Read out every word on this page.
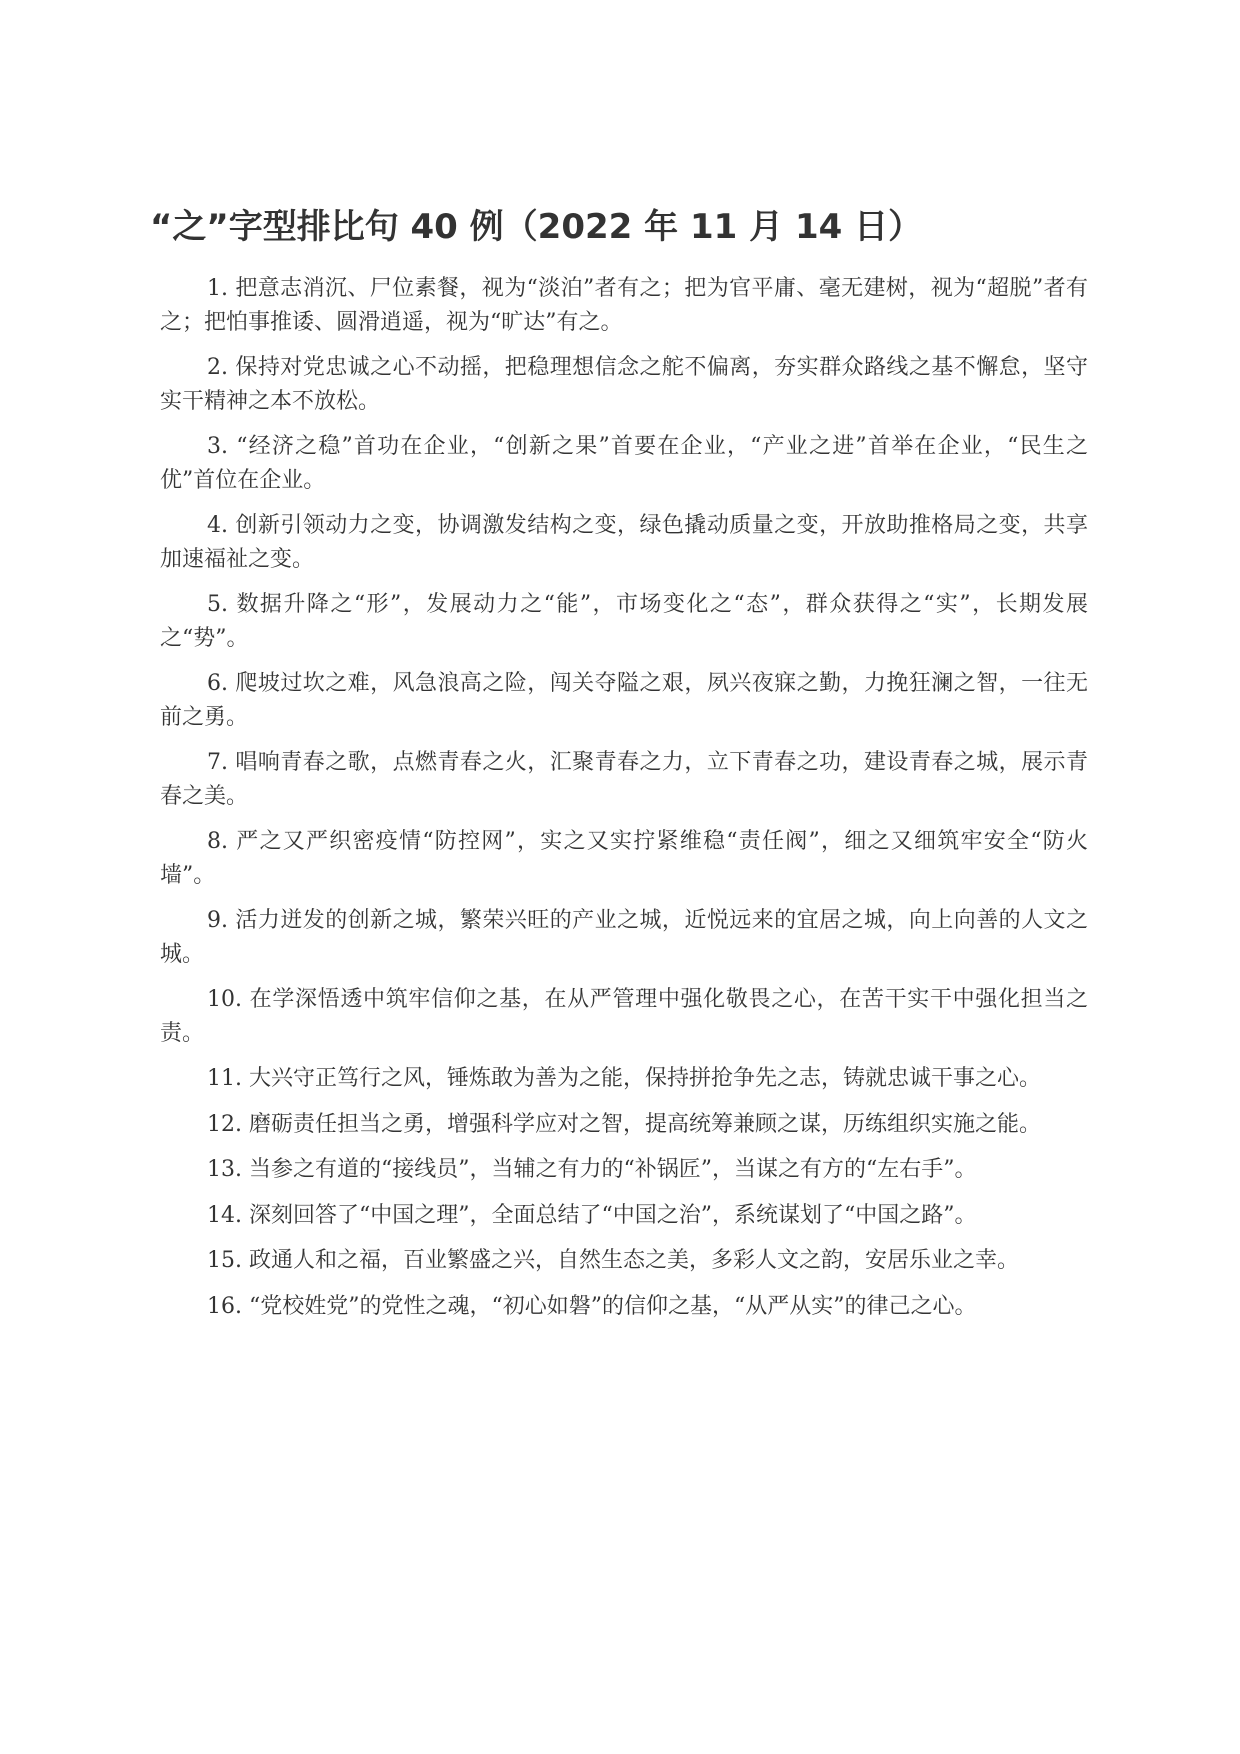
“之”字型排比句 40 例（2022 年 11 月 14 日）

1. 把意志消沉、尸位素餐，视为“淡泊”者有之；把为官平庸、毫无建树，视为“超脱”者有之；把怕事推诿、圆滑逍遥，视为“旷达”有之。

2. 保持对党忠诚之心不动摇，把稳理想信念之舵不偏离，夯实群众路线之基不懈怠，坚守实干精神之本不放松。

3. “经济之稳”首功在企业，“创新之果”首要在企业，“产业之进”首举在企业，“民生之优”首位在企业。

4. 创新引领动力之变，协调激发结构之变，绿色撬动质量之变，开放助推格局之变，共享加速福祉之变。

5. 数据升降之“形”，发展动力之“能”，市场变化之“态”，群众获得之“实”，长期发展之“势”。

6. 爬坡过坎之难，风急浪高之险，闯关夺隘之艰，夙兴夜寐之勤，力挽狂澜之智，一往无前之勇。

7. 唱响青春之歌，点燃青春之火，汇聚青春之力，立下青春之功，建设青春之城，展示青春之美。

8. 严之又严织密疫情“防控网”，实之又实拧紧维稳“责任阀”，细之又细筑牢安全“防火墙”。

9. 活力迸发的创新之城，繁荣兴旺的产业之城，近悦远来的宜居之城，向上向善的人文之城。

10. 在学深悟透中筑牢信仰之基，在从严管理中强化敬畏之心，在苦干实干中强化担当之责。

11. 大兴守正笃行之风，锤炼敢为善为之能，保持拼抢争先之志，铸就忠诚干事之心。

12. 磨砺责任担当之勇，增强科学应对之智，提高统筹兼顾之谋，历练组织实施之能。

13. 当参之有道的“接线员”，当辅之有力的“补锅匠”，当谋之有方的“左右手”。

14. 深刻回答了“中国之理”，全面总结了“中国之治”，系统谋划了“中国之路”。

15. 政通人和之福，百业繁盛之兴，自然生态之美，多彩人文之韵，安居乐业之幸。

16. “党校姓党”的党性之魂，“初心如磐”的信仰之基，“从严从实”的律己之心。
